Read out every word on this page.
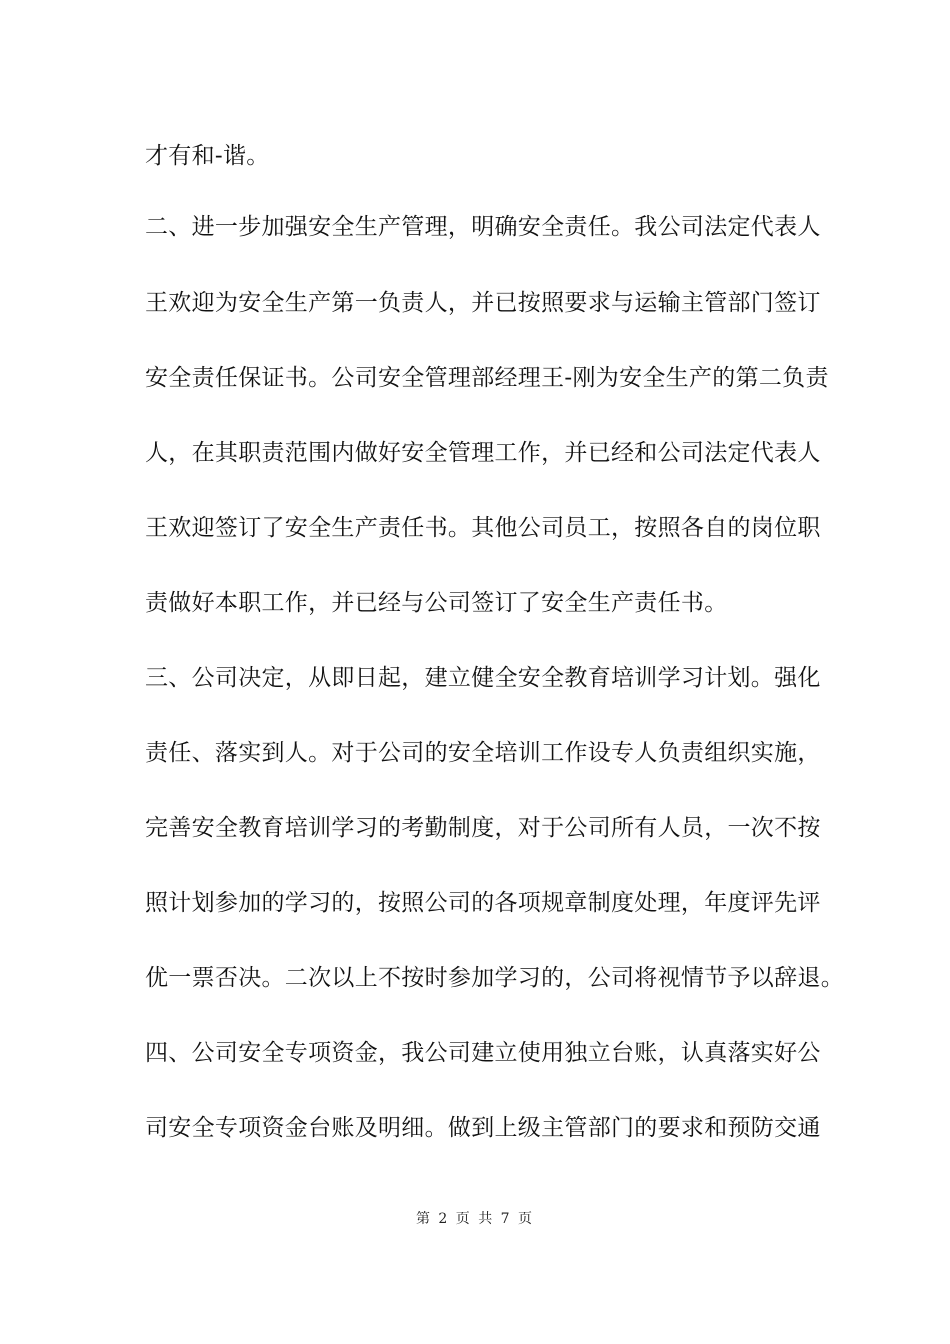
才有和-谐。
二、进一步加强安全生产管理，明确安全责任。我公司法定代表人
王欢迎为安全生产第一负责人，并已按照要求与运输主管部门签订
安全责任保证书。公司安全管理部经理王-刚为安全生产的第二负责
人，在其职责范围内做好安全管理工作，并已经和公司法定代表人
王欢迎签订了安全生产责任书。其他公司员工，按照各自的岗位职
责做好本职工作，并已经与公司签订了安全生产责任书。
三、公司决定，从即日起，建立健全安全教育培训学习计划。强化
责任、落实到人。对于公司的安全培训工作设专人负责组织实施，
完善安全教育培训学习的考勤制度，对于公司所有人员，一次不按
照计划参加的学习的，按照公司的各项规章制度处理，年度评先评
优一票否决。二次以上不按时参加学习的，公司将视情节予以辞退。
四、公司安全专项资金，我公司建立使用独立台账，认真落实好公
司安全专项资金台账及明细。做到上级主管部门的要求和预防交通
第 2 页 共 7 页
